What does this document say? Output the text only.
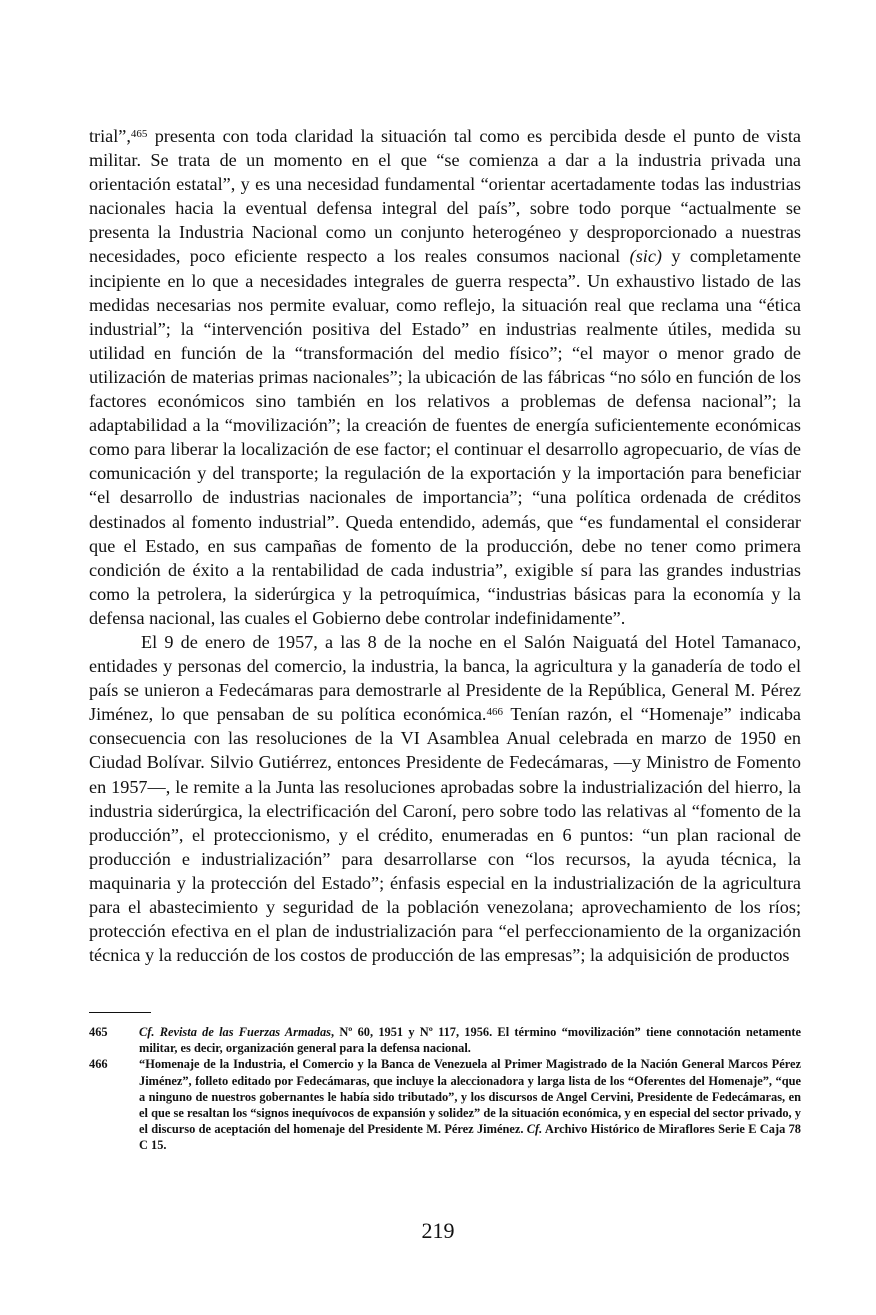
trial”,$^{465}$ presenta con toda claridad la situación tal como es percibida desde el punto de vista militar. Se trata de un momento en el que “se comienza a dar a la industria privada una orientación estatal”, y es una necesidad fundamental “orientar acertadamente todas las industrias nacionales hacia la eventual defensa integral del país”, sobre todo porque “actualmente se presenta la Industria Nacional como un conjunto heterogéneo y desproporcionado a nuestras necesidades, poco eficiente respecto a los reales consumos nacional (sic) y completamente incipiente en lo que a necesidades integrales de guerra respecta”. Un exhaustivo listado de las medidas necesarias nos permite evaluar, como reflejo, la situación real que reclama una “ética industrial”; la “intervención positiva del Estado” en industrias realmente útiles, medida su utilidad en función de la “transformación del medio físico”; “el mayor o menor grado de utilización de materias primas nacionales”; la ubicación de las fábricas “no sólo en función de los factores económicos sino también en los relativos a problemas de defensa nacional”; la adaptabilidad a la “movilización”; la creación de fuentes de energía suficientemente económicas como para liberar la localización de ese factor; el continuar el desarrollo agropecuario, de vías de comunicación y del transporte; la regulación de la exportación y la importación para beneficiar “el desarrollo de industrias nacionales de importancia”; “una política ordenada de créditos destinados al fomento industrial”. Queda entendido, además, que “es fundamental el considerar que el Estado, en sus campañas de fomento de la producción, debe no tener como primera condición de éxito a la rentabilidad de cada industria”, exigible sí para las grandes industrias como la petrolera, la siderúrgica y la petroquímica, “industrias básicas para la economía y la defensa nacional, las cuales el Gobierno debe controlar indefinidamente”.

El 9 de enero de 1957, a las 8 de la noche en el Salón Naiguatá del Hotel Tamanaco, entidades y personas del comercio, la industria, la banca, la agricultura y la ganadería de todo el país se unieron a Fedecámaras para demostrarle al Presidente de la República, General M. Pérez Jiménez, lo que pensaban de su política económica.$^{466}$ Tenían razón, el “Homenaje” indicaba consecuencia con las resoluciones de la VI Asamblea Anual celebrada en marzo de 1950 en Ciudad Bolívar. Silvio Gutiérrez, entonces Presidente de Fedecámaras, —y Ministro de Fomento en 1957—, le remite a la Junta las resoluciones aprobadas sobre la industrialización del hierro, la industria siderúrgica, la electrificación del Caroní, pero sobre todo las relativas al “fomento de la producción”, el proteccionismo, y el crédito, enumeradas en 6 puntos: “un plan racional de producción e industrialización” para desarrollarse con “los recursos, la ayuda técnica, la maquinaria y la protección del Estado”; énfasis especial en la industrialización de la agricultura para el abastecimiento y seguridad de la población venezolana; aprovechamiento de los ríos; protección efectiva en el plan de industrialización para “el perfeccionamiento de la organización técnica y la reducción de los costos de producción de las empresas”; la adquisición de productos

465	Cf. Revista de las Fuerzas Armadas, Nº 60, 1951 y Nº 117, 1956. El término “movilización” tiene connotación netamente militar, es decir, organización general para la defensa nacional.
466	“Homenaje de la Industria, el Comercio y la Banca de Venezuela al Primer Magistrado de la Nación General Marcos Pérez Jiménez”, folleto editado por Fedecámaras, que incluye la aleccionadora y larga lista de los “Oferentes del Homenaje”, “que a ninguno de nuestros gobernantes le había sido tributado”, y los discursos de Angel Cervini, Presidente de Fedecámaras, en el que se resaltan los “signos inequívocos de expansión y solidez” de la situación económica, y en especial del sector privado, y el discurso de aceptación del homenaje del Presidente M. Pérez Jiménez. Cf. Archivo Histórico de Miraflores Serie E Caja 78 C 15.
219
